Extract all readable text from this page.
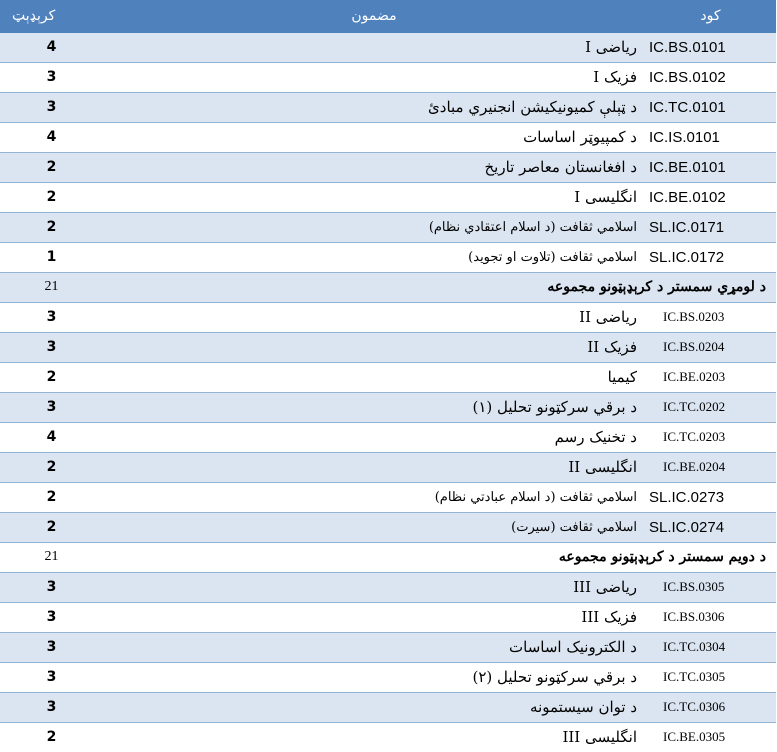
کرېډېټ	مضمون	کود
4	ریاضی I	IC.BS.0101
3	فزیک I	IC.BS.0102
3	د ټېلې کمیونیکیشن انجنیري مبادئ	IC.TC.0101
4	د کمپیوټر اساسات	IC.IS.0101
2	د افغانستان معاصر تاریخ	IC.BE.0101
2	انگلیسی I	IC.BE.0102
2	اسلامي ثقافت (د اسلام اعتقادي نظام)	SL.IC.0171
1	اسلامي ثقافت (تلاوت او تجوید)	SL.IC.0172
21	د لومړي سمستر د کرېډېټونو مجموعه	
3	ریاضی II	IC.BS.0203
3	فزیک II	IC.BS.0204
2	کیمیا	IC.BE.0203
3	د برقي سرکټونو تحلیل (۱)	IC.TC.0202
4	د تخنیک رسم	IC.TC.0203
2	انگلیسی II	IC.BE.0204
2	اسلامي ثقافت (د اسلام عبادتي نظام)	SL.IC.0273
2	اسلامي ثقافت (سیرت)	SL.IC.0274
21	د دویم سمستر د کرېډېټونو مجموعه	
3	ریاضی III	IC.BS.0305
3	فزیک III	IC.BS.0306
3	د الکترونیک اساسات	IC.TC.0304
3	د برقي سرکټونو تحلیل (۲)	IC.TC.0305
3	د توان سیستمونه	IC.TC.0306
2	انگلیسی III	IC.BE.0305
